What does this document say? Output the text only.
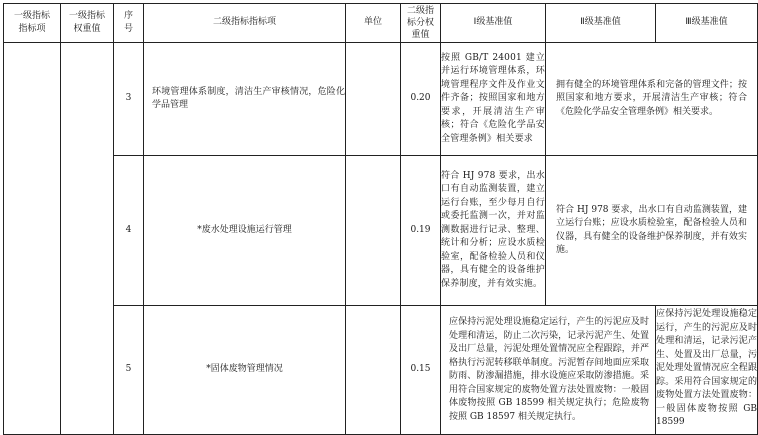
一级指标指标项	一级指标权重值	序号	二级指标指标项	单位	二级指标分权重值	Ⅰ级基准值	Ⅱ级基准值	Ⅲ级基准值
		3	环境管理体系制度，清洁生产审核情况，危险化学品管理		0.20	按照 GB/T 24001 建立并运行环境管理体系，环境管理程序文件及作业文件齐备；按照国家和地方要求，开展清洁生产审核；符合《危险化学品安全管理条例》相关要求	拥有健全的环境管理体系和完备的管理文件；按照国家和地方要求，开展清洁生产审核；符合《危险化学品安全管理条例》相关要求。	
		4	*废水处理设施运行管理		0.19	符合 HJ 978 要求，出水口有自动监测装置，建立运行台账，至少每月自行或委托监测一次，并对监测数据进行记录、整理、统计和分析；应设水质检验室，配备检验人员和仪器，具有健全的设备维护保养制度，并有效实施。	符合 HJ 978 要求，出水口有自动监测装置，建立运行台账；应设水质检验室，配备检验人员和仪器，具有健全的设备维护保养制度，并有效实施。	
		5	*固体废物管理情况		0.15	应保持污泥处理设施稳定运行，产生的污泥应及时处理和清运，防止二次污染，记录污泥产生、处置及出厂总量，污泥处理处置情况应全程跟踪，并严格执行污泥转移联单制度。污泥暂存间地面应采取防雨、防渗漏措施，排水设施应采取防渗措施。采用符合国家规定的废物处置方法处置废物：一般固体废物按照 GB 18599 相关规定执行；危险废物按照 GB 18597 相关规定执行。		应保持污泥处理设施稳定运行，产生的污泥应及时处理和清运，记录污泥产生、处置及出厂总量，污泥处理处置情况应全程跟踪。采用符合国家规定的废物处置方法处置废物：一般固体废物按照 GB 18599
